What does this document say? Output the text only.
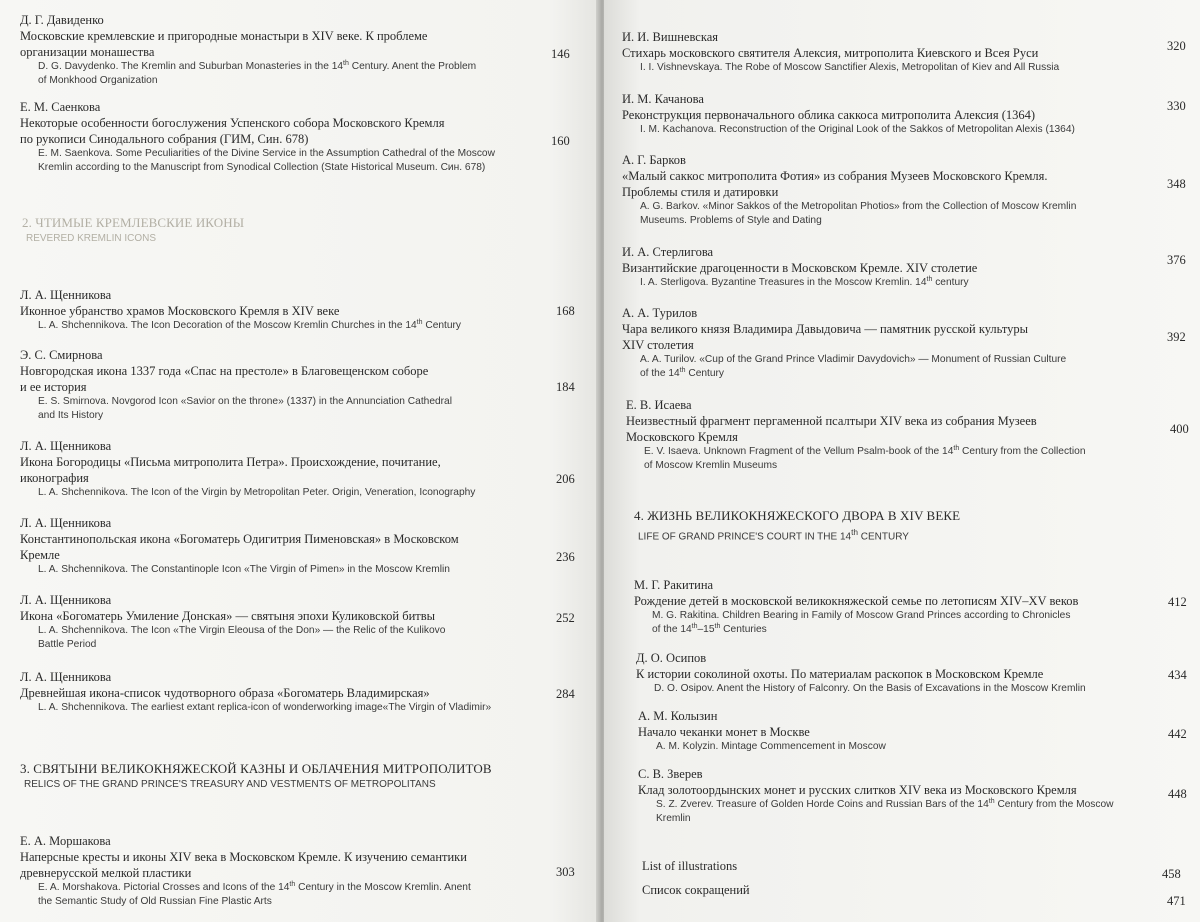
Д. Г. Давиденко
Московские кремлевские и пригородные монастыри в XIV веке. К проблеме
организации монашества
D. G. Davydenko. The Kremlin and Suburban Monasteries in the 14th Century. Anent the Problem
of Monkhood Organization
146
Е. М. Саенкова
Некоторые особенности богослужения Успенского собора Московского Кремля
по рукописи Синодального собрания (ГИМ, Син. 678)
E. M. Saenkova. Some Peculiarities of the Divine Service in the Assumption Cathedral of the Moscow
Kremlin according to the Manuscript from Synodical Collection (State Historical Museum. Син. 678)
160
Л. А. Щенникова
Иконное убранство храмов Московского Кремля в XIV веке
L. A. Shchennikova. The Icon Decoration of the Moscow Kremlin Churches in the 14th Century
168
Э. С. Смирнова
Новгородская икона 1337 года «Спас на престоле» в Благовещенском соборе
и ее история
E. S. Smirnova. Novgorod Icon «Savior on the throne» (1337) in the Annunciation Cathedral
and Its History
184
Л. А. Щенникова
Икона Богородицы «Письма митрополита Петра». Происхождение, почитание,
иконография
L. A. Shchennikova. The Icon of the Virgin by Metropolitan Peter. Origin, Veneration, Iconography
206
Л. А. Щенникова
Константинопольская икона «Богоматерь Одигитрия Пименовская» в Московском
Кремле
L. A. Shchennikova. The Constantinople Icon «The Virgin of Pimen» in the Moscow Kremlin
236
Л. А. Щенникова
Икона «Богоматерь Умиление Донская» — святыня эпохи Куликовской битвы
L. A. Shchennikova. The Icon «The Virgin Eleousa of the Don» — the Relic of the Kulikovo
Battle Period
252
Л. А. Щенникова
Древнейшая икона-список чудотворного образа «Богоматерь Владимирская»
L. A. Shchennikova. The earliest extant replica-icon of wonderworking image«The Virgin of Vladimir»
284
Е. А. Моршакова
Наперсные кресты и иконы XIV века в Московском Кремле. К изучению семантики
древнерусской мелкой пластики
E. A. Morshakova. Pictorial Crosses and Icons of the 14th Century in the Moscow Kremlin. Anent
the Semantic Study of Old Russian Fine Plastic Arts
303
2. ЧТИМЫЕ КРЕМЛЕВСКИЕ ИКОНЫ
REVERED KREMLIN ICONS
3. СВЯТЫНИ ВЕЛИКОКНЯЖЕСКОЙ КАЗНЫ И ОБЛАЧЕНИЯ МИТРОПОЛИТОВ
RELICS OF THE GRAND PRINCE'S TREASURY AND VESTMENTS OF METROPOLITANS
И. И. Вишневская
Стихарь московского святителя Алексия, митрополита Киевского и Всея Руси
I. I. Vishnevskaya. The Robe of Moscow Sanctifier Alexis, Metropolitan of Kiev and All Russia
320
И. М. Качанова
Реконструкция первоначального облика саккоса митрополита Алексия (1364)
I. M. Kachanova. Reconstruction of the Original Look of the Sakkos of Metropolitan Alexis (1364)
330
А. Г. Барков
«Малый саккос митрополита Фотия» из собрания Музеев Московского Кремля.
Проблемы стиля и датировки
A. G. Barkov. «Minor Sakkos of the Metropolitan Photios» from the Collection of Moscow Kremlin
Museums. Problems of Style and Dating
348
И. А. Стерлигова
Византийские драгоценности в Московском Кремле. XIV столетие
I. A. Sterligova. Byzantine Treasures in the Moscow Kremlin. 14th century
376
А. А. Турилов
Чара великого князя Владимира Давыдовича — памятник русской культуры
XIV столетия
A. A. Turilov. «Cup of the Grand Prince Vladimir Davydovich» — Monument of Russian Culture
of the 14th Century
392
Е. В. Исаева
Неизвестный фрагмент пергаменной псалтыри XIV века из собрания Музеев
Московского Кремля
E. V. Isaeva. Unknown Fragment of the Vellum Psalm-book of the 14th Century from the Collection
of Moscow Kremlin Museums
400
М. Г. Ракитина
Рождение детей в московской великокняжеской семье по летописям XIV–XV веков
M. G. Rakitina. Children Bearing in Family of Moscow Grand Princes according to Chronicles
of the 14th–15th Centuries
412
Д. О. Осипов
К истории соколиной охоты. По материалам раскопок в Московском Кремле
D. O. Osipov. Anent the History of Falconry. On the Basis of Excavations in the Moscow Kremlin
434
А. М. Колызин
Начало чеканки монет в Москве
A. M. Kolyzin. Mintage Commencement in Moscow
442
С. В. Зверев
Клад золотоордынских монет и русских слитков XIV века из Московского Кремля
S. Z. Zverev. Treasure of Golden Horde Coins and Russian Bars of the 14th Century from the Moscow
Kremlin
448
4. ЖИЗНЬ ВЕЛИКОКНЯЖЕСКОГО ДВОРА В XIV ВЕКЕ
LIFE OF GRAND PRINCE'S COURT IN THE 14th CENTURY
List of illustrations
458
Список сокращений
471
